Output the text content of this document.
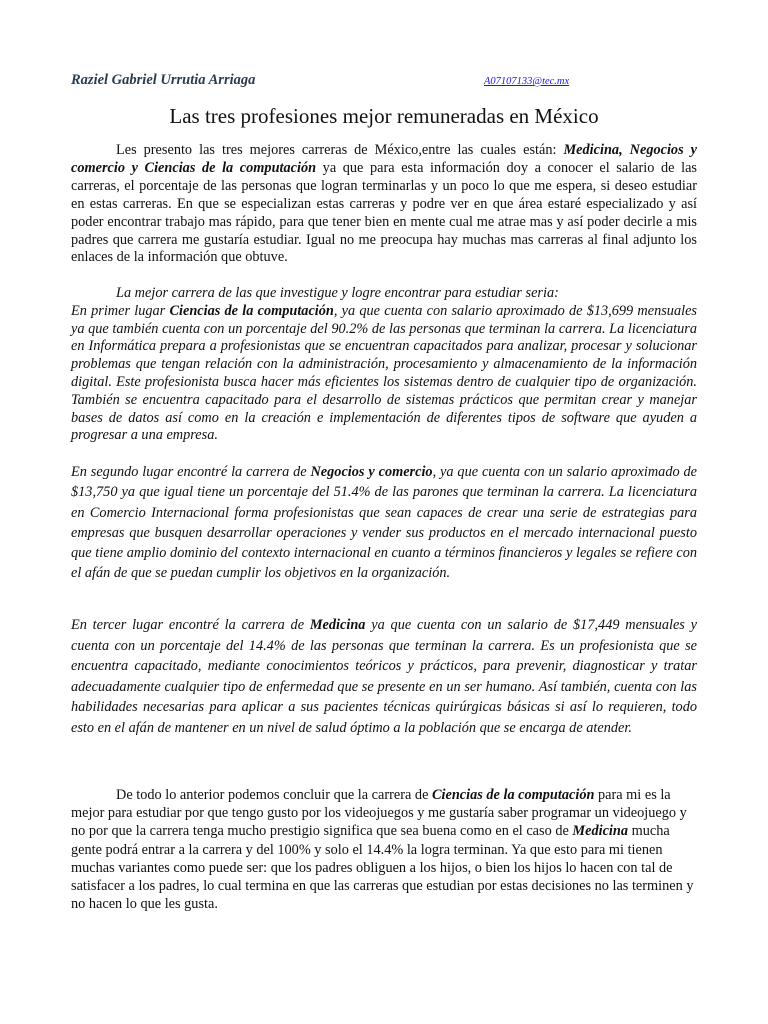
Raziel Gabriel Urrutia Arriaga	A07107133@tec.mx
Las tres profesiones mejor remuneradas en México
Les presento las tres mejores carreras de México,entre las cuales están: Medicina, Negocios y comercio y Ciencias de la computación ya que para esta información doy a conocer el salario de las carreras, el porcentaje de las personas que logran terminarlas y un poco lo que me espera, si deseo estudiar en estas carreras. En que se especializan estas carreras y podre ver en que área estaré especializado y así poder encontrar trabajo mas rápido, para que tener bien en mente cual me atrae mas y así poder decirle a mis padres que carrera me gustaría estudiar. Igual no me preocupa hay muchas mas carreras al final adjunto los enlaces de la información que obtuve.
La mejor carrera de las que investigue y logre encontrar para estudiar seria:
En primer lugar Ciencias de la computación, ya que cuenta con salario aproximado de $13,699 mensuales ya que también cuenta con un porcentaje del 90.2% de las personas que terminan la carrera. La licenciatura en Informática prepara a profesionistas que se encuentran capacitados para analizar, procesar y solucionar problemas que tengan relación con la administración, procesamiento y almacenamiento de la información digital. Este profesionista busca hacer más eficientes los sistemas dentro de cualquier tipo de organización. También se encuentra capacitado para el desarrollo de sistemas prácticos que permitan crear y manejar bases de datos así como en la creación e implementación de diferentes tipos de software que ayuden a progresar a una empresa.
En segundo lugar encontré la carrera de Negocios y comercio, ya que cuenta con un salario aproximado de $13,750 ya que igual tiene un porcentaje del 51.4% de las parones que terminan la carrera. La licenciatura en Comercio Internacional forma profesionistas que sean capaces de crear una serie de estrategias para empresas que busquen desarrollar operaciones y vender sus productos en el mercado internacional puesto que tiene amplio dominio del contexto internacional en cuanto a términos financieros y legales se refiere con el afán de que se puedan cumplir los objetivos en la organización.
En tercer lugar encontré la carrera de Medicina ya que cuenta con un salario de $17,449 mensuales y cuenta con un porcentaje del 14.4% de las personas que terminan la carrera. Es un profesionista que se encuentra capacitado, mediante conocimientos teóricos y prácticos, para prevenir, diagnosticar y tratar adecuadamente cualquier tipo de enfermedad que se presente en un ser humano. Así también, cuenta con las habilidades necesarias para aplicar a sus pacientes técnicas quirúrgicas básicas si así lo requieren, todo esto en el afán de mantener en un nivel de salud óptimo a la población que se encarga de atender.
De todo lo anterior podemos concluir que la carrera de Ciencias de la computación para mi es la mejor para estudiar por que tengo gusto por los videojuegos y me gustaría saber programar un videojuego y no por que la carrera tenga mucho prestigio significa que sea buena como en el caso de Medicina mucha gente podrá entrar a la carrera y del 100% y solo el 14.4% la logra terminan. Ya que esto para mi tienen muchas variantes como puede ser: que los padres obliguen a los hijos, o bien los hijos lo hacen con tal de satisfacer a los padres, lo cual termina en que las carreras que estudian por estas decisiones no las terminen y no hacen lo que les gusta.
